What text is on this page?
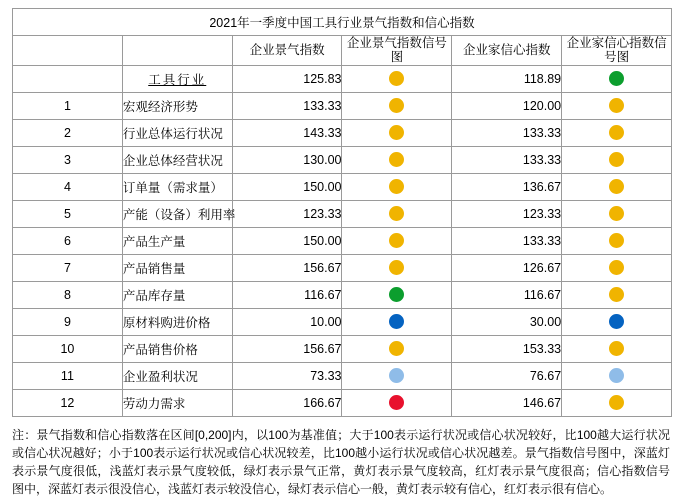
2021年一季度中国工具行业景气指数和信心指数					
		企业景气指数	企业景气指数信号图	企业家信心指数	企业家信心指数信号图
	工具行业	125.83		118.89	
1	宏观经济形势	133.33		120.00	
2	行业总体运行状况	143.33		133.33	
3	企业总体经营状况	130.00		133.33	
4	订单量（需求量）	150.00		136.67	
5	产能（设备）利用率	123.33		123.33	
6	产品生产量	150.00		133.33	
7	产品销售量	156.67		126.67	
8	产品库存量	116.67		116.67	
9	原材料购进价格	10.00		30.00	
10	产品销售价格	156.67		153.33	
11	企业盈利状况	73.33		76.67	
12	劳动力需求	166.67		146.67	
注：景气指数和信心指数落在区间[0,200]内，以100为基准值；大于100表示运行状况或信心状况较好，比100越大运行状况或信心状况越好；小于100表示运行状况或信心状况较差，比100越小运行状况或信心状况越差。景气指数信号图中，深蓝灯表示景气度很低，浅蓝灯表示景气度较低，绿灯表示景气正常，黄灯表示景气度较高，红灯表示景气度很高；信心指数信号图中，深蓝灯表示很没信心，浅蓝灯表示较没信心，绿灯表示信心一般，黄灯表示较有信心，红灯表示很有信心。
